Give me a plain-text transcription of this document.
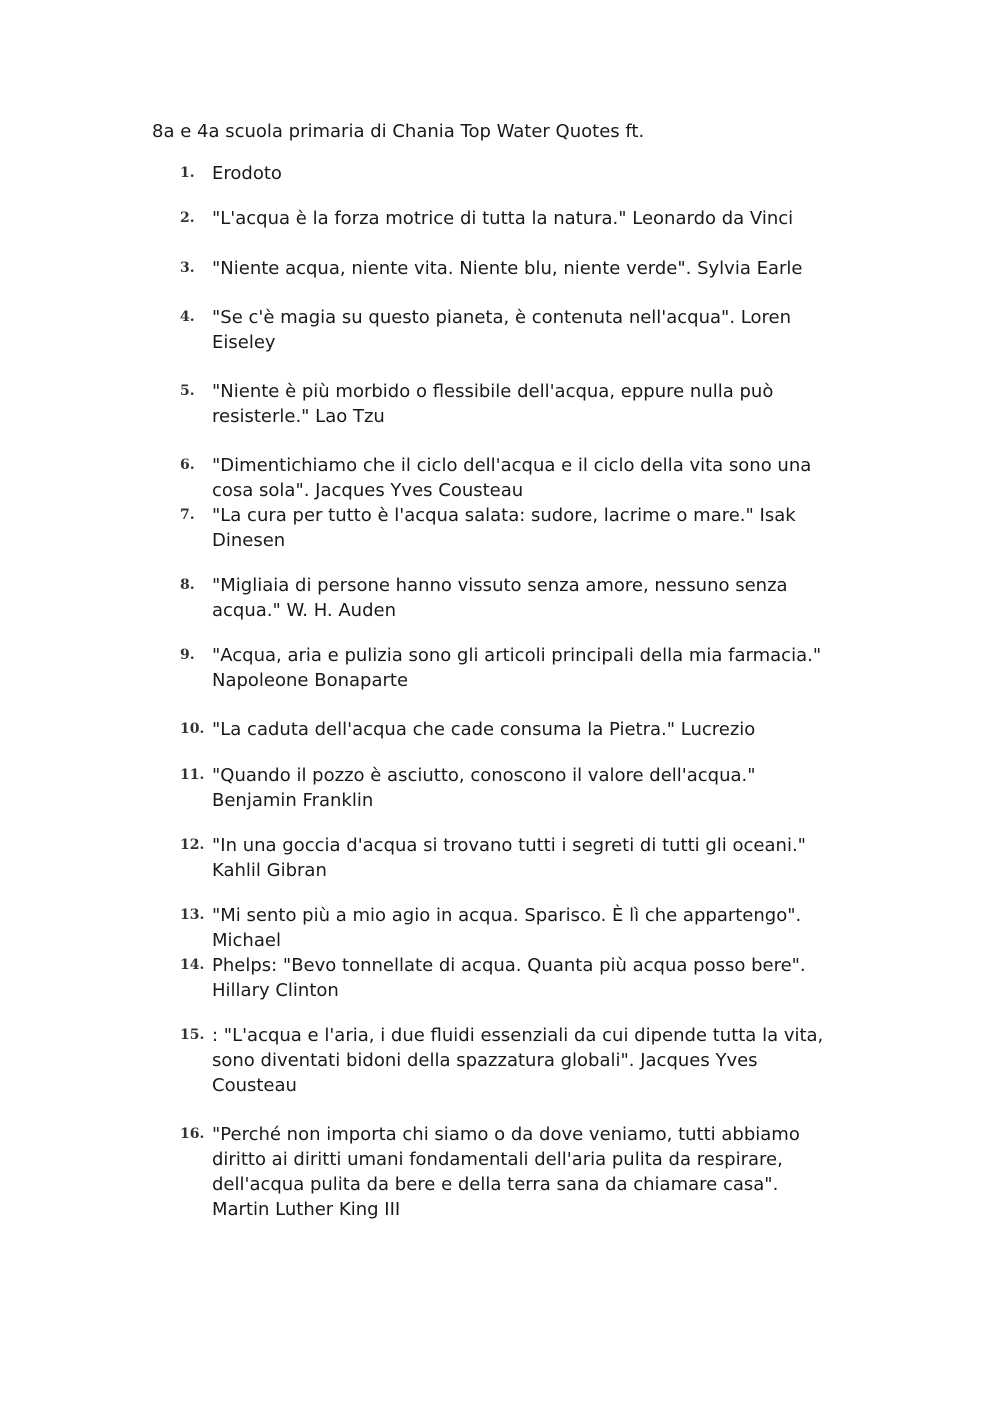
8a e 4a scuola primaria di Chania Top Water Quotes ft.
1. Erodoto
2. "L'acqua è la forza motrice di tutta la natura." Leonardo da Vinci
3. "Niente acqua, niente vita. Niente blu, niente verde". Sylvia Earle
4. "Se c'è magia su questo pianeta, è contenuta nell'acqua". Loren
Eiseley
5. "Niente è più morbido o flessibile dell'acqua, eppure nulla può
resisterle." Lao Tzu
6. "Dimentichiamo che il ciclo dell'acqua e il ciclo della vita sono una
cosa sola". Jacques Yves Cousteau
7. "La cura per tutto è l'acqua salata: sudore, lacrime o mare." Isak
Dinesen
8. "Migliaia di persone hanno vissuto senza amore, nessuno senza
acqua." W. H. Auden
9. "Acqua, aria e pulizia sono gli articoli principali della mia farmacia."
Napoleone Bonaparte
10. "La caduta dell'acqua che cade consuma la Pietra." Lucrezio
11. "Quando il pozzo è asciutto, conoscono il valore dell'acqua."
Benjamin Franklin
12. "In una goccia d'acqua si trovano tutti i segreti di tutti gli oceani."
Kahlil Gibran
13. "Mi sento più a mio agio in acqua. Sparisco. È lì che appartengo".
Michael
14. Phelps: "Bevo tonnellate di acqua. Quanta più acqua posso bere".
Hillary Clinton
15. : "L'acqua e l'aria, i due fluidi essenziali da cui dipende tutta la vita,
sono diventati bidoni della spazzatura globali". Jacques Yves
Cousteau
16. "Perché non importa chi siamo o da dove veniamo, tutti abbiamo
diritto ai diritti umani fondamentali dell'aria pulita da respirare,
dell'acqua pulita da bere e della terra sana da chiamare casa".
Martin Luther King III
